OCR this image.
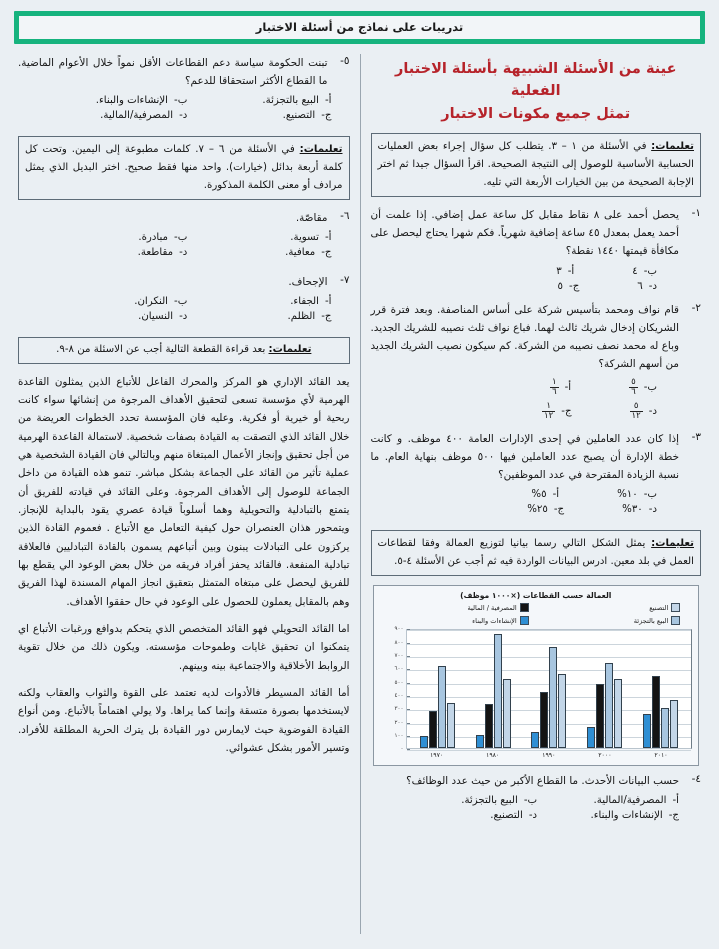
تدريبات على نماذج من أسئلة الاختبار
عينة من الأسئلة الشبيهة بأسئلة الاختبار الفعلية
تمثل جميع مكونات الاختبار
تعليمات: في الأسئلة من ١ – ٣. يتطلب كل سؤال إجراء بعض العمليات الحسابية الأساسية للوصول إلى النتيجة الصحيحة. اقرأ السؤال جيدا ثم اختر الإجابة الصحيحة من بين الخيارات الأربعة التي تليه.
١-
يحصل أحمد على ٨ نقاط مقابل كل ساعة عمل إضافي. إذا علمت أن أحمد يعمل بمعدل ٤٥ ساعة إضافية شهرياً. فكم شهرا يحتاج ليحصل على مكافأة قيمتها ١٤٤٠ نقطة؟
ب-
٤
أ-
٣
د-
٦
ج-
٥
٢-
قام نواف ومحمد بتأسيس شركة على أساس المناصفة. وبعد فترة قرر الشريكان إدخال شريك ثالث لهما. فباع نواف ثلث نصيبه للشريك الجديد. وباع له محمد نصف نصيبه من الشركة. كم سيكون نصيب الشريك الجديد من أسهم الشركة؟
ب-
$\frac{٥}{٦}$
أ-
$\frac{١}{٦}$
د-
$\frac{٥}{١٢}$
ج-
$\frac{١}{١٢}$
٣-
إذا كان عدد العاملين في إحدى الإدارات العامة ٤٠٠ موظف. و كانت خطة الإدارة أن يصبح عدد العاملين فيها ٥٠٠ موظف بنهاية العام. ما نسبة الزيادة المقترحة في عدد الموظفين؟
ب-
١٠%
أ-
٥%
د-
٣٠%
ج-
٢٥%
تعليمات: يمثل الشكل التالي رسما بيانيا لتوزيع العمالة وفقا لقطاعات العمل في بلد معين. ادرس البيانات الواردة فيه ثم أجب عن الأسئلة ٤-٥.
العمالة حسب القطاعات (×١٠٠٠ موظف)
التصنيع
المصرفية / المالية
البيع بالتجزئة
الإنشاءات والبناء
٩٠٠
٨٠٠
٧٠٠
٦٠٠
٥٠٠
٤٠٠
٣٠٠
٢٠٠
١٠٠
٠
١٩٧٠	١٩٨٠	١٩٩٠	٢٠٠٠	٢٠١٠
٤-
حسب البيانات الأحدث. ما القطاع الأكبر من حيث عدد الوظائف؟
أ-
المصرفية/المالية.
ب-
البيع بالتجزئة.
ج-
الإنشاءات والبناء.
د-
التصنيع.
٥-
تبنت الحكومة سياسة دعم القطاعات الأقل نمواً خلال الأعوام الماضية. ما القطاع الأكثر استحقاقا للدعم؟
أ-
البيع بالتجزئة.
ب-
الإنشاءات والبناء.
ج-
التصنيع.
د-
المصرفية/المالية.
تعليمات: في الأسئلة من ٦ – ٧. كلمات مطبوعة إلى اليمين. وتحت كل كلمة أربعة بدائل (خيارات). واحد منها فقط صحيح. اختر البديل الذي يمثل مرادف أو معنى الكلمة المذكورة.
٦-
مقاصّة.
أ-
تسوية.
ب-
مبادرة.
ج-
معافية.
د-
مقاطعة.
٧-
الإجحاف.
أ-
الجفاء.
ب-
النكران.
ج-
الظلم.
د-
النسيان.
تعليمات: بعد قراءة القطعة التالية أجب عن الاسئلة من ٨-٩.

يعد القائد الإداري هو المركز والمحرك الفاعل للأتباع الذين يمثلون القاعدة الهرمية لأي مؤسسة تسعى لتحقيق الأهداف المرجوة من إنشائها سواء كانت ربحية أو خيرية أو فكرية. وعليه فان المؤسسة تحدد الخطوات العريضة من خلال القائد الذي التصقت به القيادة بصفات شخصية. لاستمالة القاعدة الهرمية من أجل تحقيق وإنجاز الأعمال المبتغاة منهم وبالتالي فان القيادة الشخصية هي عملية تأثير من القائد على الجماعة بشكل مباشر. تنمو هذه القيادة من داخل الجماعة للوصول إلى الأهداف المرجوة. وعلى القائد في قيادته للفريق أن يتمتع بالتبادلية والتحويلية وهما أسلوباً قيادة عصري يقود بالبداية للإنجاز. ويتمحور هذان العنصران حول كيفية التعامل مع الأتباع . فعموم القادة الذين يركزون على التبادلات يبنون وبين أتباعهم يسمون بالقادة التبادليين فالعلاقة تبادلية المنفعة. فالقائد يحفز أفراد فريقه من خلال بعض الوعود الي يقطع بها للفريق ليحصل على مبتغاه المتمثل بتعقيق انجاز المهام المسندة لهذا الفريق وهم بالمقابل يعملون للحصول على الوعود في حال حققوا الأهداف.

اما القائد التحويلي فهو القائد المتخصص الذي يتحكم بدوافع ورغبات الأتباع اي يتمكنوا ان تحقيق غايات وطموحات مؤسسته. ويكون ذلك من خلال تقوية الروابط الأخلاقية والاجتماعية بينه وبينهم.

أما القائد المسيطر فالأدوات لديه تعتمد على القوة والثواب والعقاب ولكنه لايستخدمها بصورة متسقة وإنما كما يراها. ولا يولي اهتماماً بالأتباع. ومن أنواع القيادة الفوضوية حيث لايمارس دور القيادة بل يترك الحرية المطلقة للأفراد. وتسير الأمور بشكل عشوائي.
